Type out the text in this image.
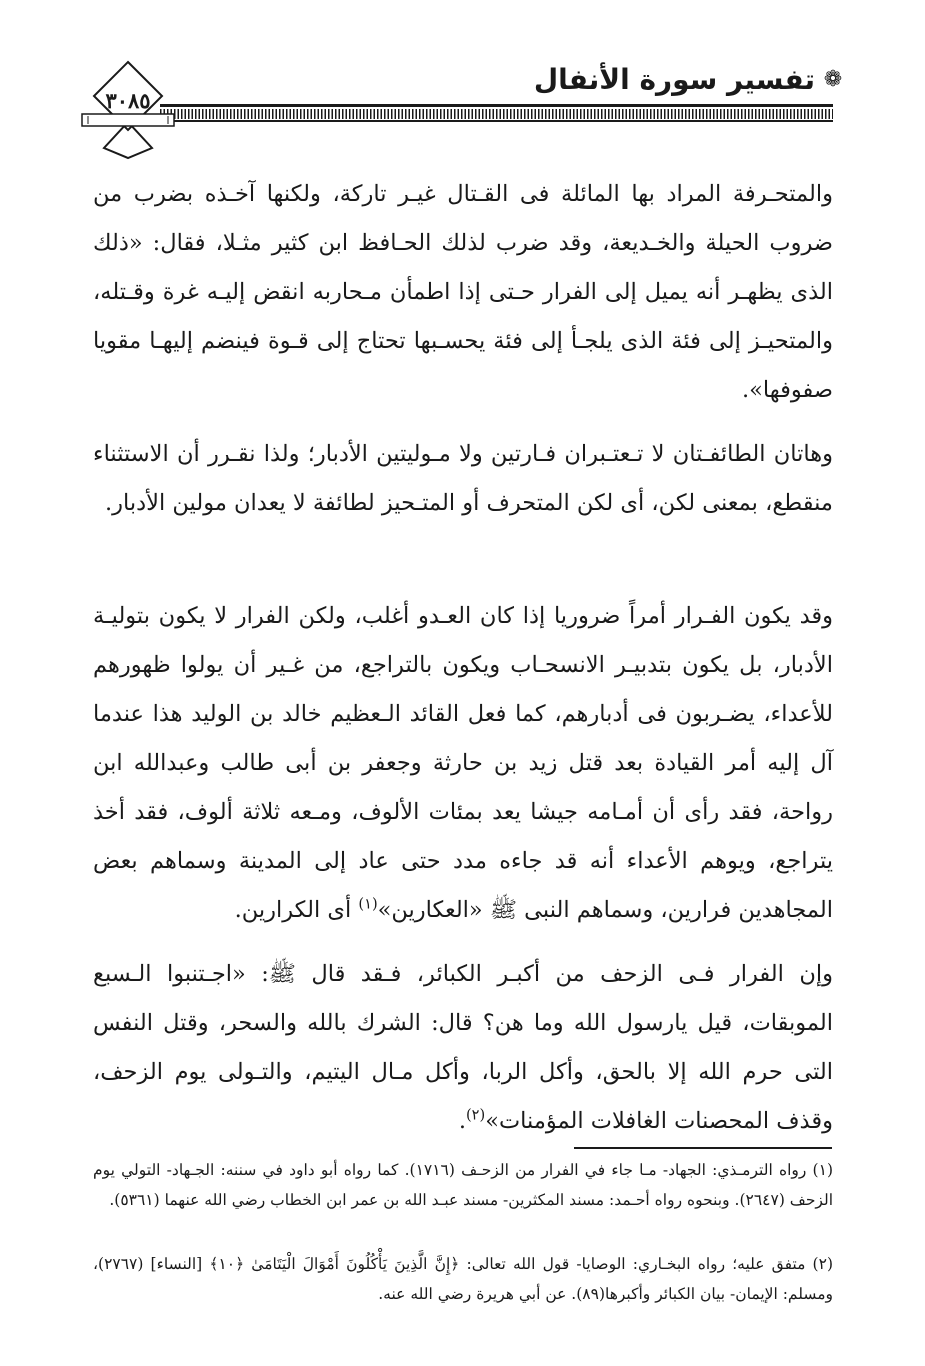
❁
تفسير سورة الأنفال
٣٠٨٥
والمتحـرفة المراد بها المائلة فى القـتال غيـر تاركة، ولكنها آخـذه بضرب من ضروب الحيلة والخـديعة، وقد ضرب لذلك الحـافظ ابن كثير مثـلا، فقال: «ذلك الذى يظهـر أنه يميل إلى الفرار حـتى إذا اطمأن مـحاربه انقض إليـه غرة وقـتله، والمتحيـز إلى فئة الذى يلجـأ إلى فئة يحسـبها تحتاج إلى قـوة فينضم إليهـا مقويا صفوفها».
وهاتان الطائفـتان لا تـعتـبران فـارتين ولا مـوليتين الأدبار؛ ولذا نقـرر أن الاستثناء منقطع، بمعنى لكن، أى لكن المتحرف أو المتـحيز لطائفة لا يعدان مولين الأدبار.
وقد يكون الفـرار أمراً ضروريا إذا كان العـدو أغلب، ولكن الفرار لا يكون بتوليـة الأدبار، بل يكون بتدبيـر الانسحـاب ويكون بالتراجع، من غـير أن يولوا ظهورهم للأعداء، يضـربون فى أدبارهم، كما فعل القائد الـعظيم خالد بن الوليد هذا عندما آل إليه أمر القيادة بعد قتل زيد بن حارثة وجعفر بن أبى طالب وعبدالله ابن رواحة، فقد رأى أن أمـامه جيشا يعد بمئات الألوف، ومـعه ثلاثة ألوف، فقد أخذ يتراجع، ويوهم الأعداء أنه قد جاءه مدد حتى عاد إلى المدينة وسماهم بعض المجاهدين فرارين، وسماهم النبى ﷺ «العكارين»$^{(١)}$ أى الكرارين.
وإن الفرار فـى الزحف من أكبـر الكبائر، فـقد قال ﷺ: «اجـتنبوا الـسبع الموبقات، قيل يارسول الله وما هن؟ قال: الشرك بالله والسحر، وقتل النفس التى حرم الله إلا بالحق، وأكل الربا، وأكل مـال اليتيم، والتـولى يوم الزحف، وقذف المحصنات الغافلات المؤمنات»$^{(٢)}$.
(١) رواه الترمـذي: الجهاد- مـا جاء في الفرار من الزحـف (١٧١٦). كما رواه أبو داود في سننه: الجـهاد- التولي يوم الزحف (٢٦٤٧). وبنحوه رواه أحـمد: مسند المكثرين- مسند عبـد الله بن عمر ابن الخطاب رضي الله عنهما (٥٣٦١).
(٢) متفق عليه؛ رواه البخـاري: الوصايا- قول الله تعالى: ﴿إِنَّ الَّذِينَ يَأْكُلُونَ أَمْوَالَ الْيَتَامَىٰ ﴿١٠﴾ [النساء] (٢٧٦٧)، ومسلم: الإيمان- بيان الكبائر وأكبرها(٨٩). عن أبي هريرة رضي الله عنه.
